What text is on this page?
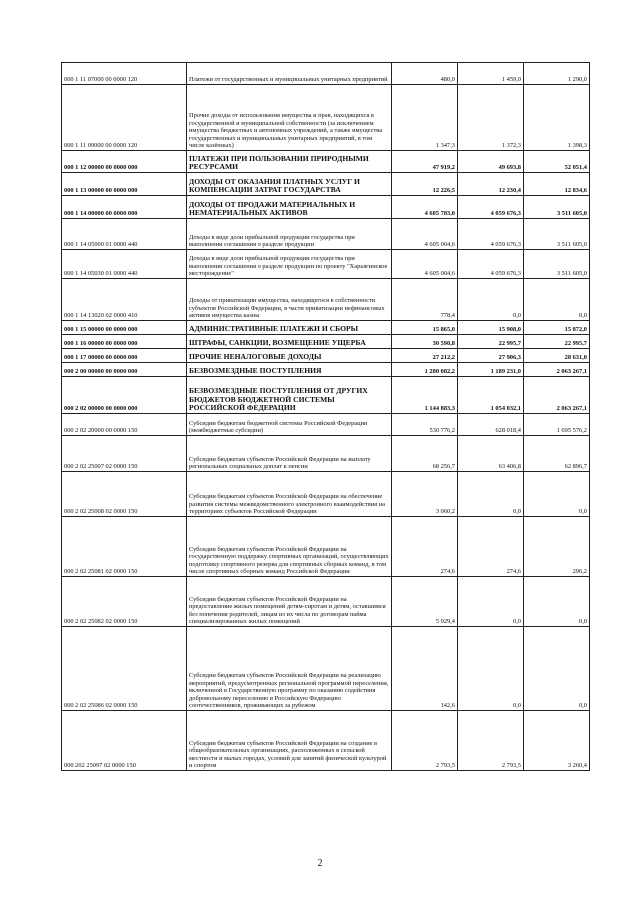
000 1 11 07000 00 0000 120	Платежи от государственных и муниципальных унитарных предприятий	480,0	1 459,0	1 290,0
000 1 11 09000 00 0000 120	Прочие доходы от использования имущества и прав, находящихся в государственной и муниципальной собственности (за исключением имущества бюджетных и автономных учреждений, а также имущества государственных и муниципальных унитарных предприятий, в том числе казённых)	1 347,3	1 372,3	1 398,3
000 1 12 00000 00 0000 000	ПЛАТЕЖИ ПРИ ПОЛЬЗОВАНИИ ПРИРОДНЫМИ РЕСУРСАМИ	47 919,2	49 693,8	52 051,4
000 1 13 00000 00 0000 000	ДОХОДЫ ОТ ОКАЗАНИЯ ПЛАТНЫХ УСЛУГ И КОМПЕНСАЦИИ ЗАТРАТ ГОСУДАРСТВА	12 226,5	12 230,4	12 834,6
000 1 14 00000 00 0000 000	ДОХОДЫ ОТ ПРОДАЖИ МАТЕРИАЛЬНЫХ И НЕМАТЕРИАЛЬНЫХ АКТИВОВ	4 605 783,0	4 059 676,3	3 511 605,0
000 1 14 05000 01 0000 440	Доходы в виде доли прибыльной продукции государства при выполнении соглашения о разделе продукции	4 605 004,6	4 059 676,3	3 511 605,0
000 1 14 05030 01 0000 440	Доходы в виде доли прибыльной продукции государства при выполнении соглашения о разделе продукции по проекту "Харьягинское месторождение"	4 605 004,6	4 059 676,3	3 511 605,0
000 1 14 13020 02 0000 410	Доходы от приватизации имущества, находящегося в собственности субъектов Российской Федерации, в части приватизации нефинансовых активов имущества казны	778,4	0,0	0,0
000 1 15 00000 00 0000 000	АДМИНИСТРАТИВНЫЕ ПЛАТЕЖИ И СБОРЫ	15 865,0	15 908,0	15 872,0
000 1 16 00000 00 0000 000	ШТРАФЫ, САНКЦИИ, ВОЗМЕЩЕНИЕ УЩЕРБА	30 590,8	22 995,7	22 995,7
000 1 17 00000 00 0000 000	ПРОЧИЕ НЕНАЛОГОВЫЕ ДОХОДЫ	27 212,2	27 906,3	28 631,0
000 2 00 00000 00 0000 000	БЕЗВОЗМЕЗДНЫЕ ПОСТУПЛЕНИЯ	1 280 082,2	1 189 231,0	2 063 267,1
000 2 02 00000 00 0000 000	БЕЗВОЗМЕЗДНЫЕ ПОСТУПЛЕНИЯ ОТ ДРУГИХ БЮДЖЕТОВ БЮДЖЕТНОЙ СИСТЕМЫ РОССИЙСКОЙ ФЕДЕРАЦИИ	1 144 883,3	1 054 032,1	2 063 267,1
000 2 02 20000 00 0000 150	Субсидии бюджетам бюджетной системы Российской Федерации (межбюджетные субсидии)	530 776,2	628 018,4	1 695 576,2
000 2 02 25007 02 0000 150	Субсидии бюджетам субъектов Российской Федерации на выплату региональных социальных доплат к пенсии	68 256,7	63 406,8	62 896,7
000 2 02 25008 02 0000 150	Субсидии бюджетам субъектов Российской Федерации на обеспечение развития системы межведомственного электронного взаимодействия на территориях субъектов Российской Федерации	3 060,2	0,0	0,0
000 2 02 25081 02 0000 150	Субсидии бюджетам субъектов Российской Федерации на государственную поддержку спортивных организаций, осуществляющих подготовку спортивного резерва для спортивных сборных команд, в том числе спортивных сборных команд Российской Федерации	274,6	274,6	296,2
000 2 02 25082 02 0000 150	Субсидии бюджетам субъектов Российской Федерации на предоставление жилых помещений детям-сиротам и детям, оставшимся без попечения родителей, лицам из их числа по договорам найма специализированных жилых помещений	5 929,4	0,0	0,0
000 2 02 25086 02 0000 150	Субсидии бюджетам субъектов Российской Федерации на реализацию мероприятий, предусмотренных региональной программой переселения, включенной в Государственную программу по оказанию содействия добровольному переселению в Российскую Федерацию соотечественников, проживающих за рубежом	142,6	0,0	0,0
000 202 25097 02 0000 150	Субсидии бюджетам субъектов Российской Федерации на создание в общеобразовательных организациях, расположенных в сельской местности и малых городах, условий для занятий физической культурой и спортом	2 793,5	2 793,5	3 260,4
2
